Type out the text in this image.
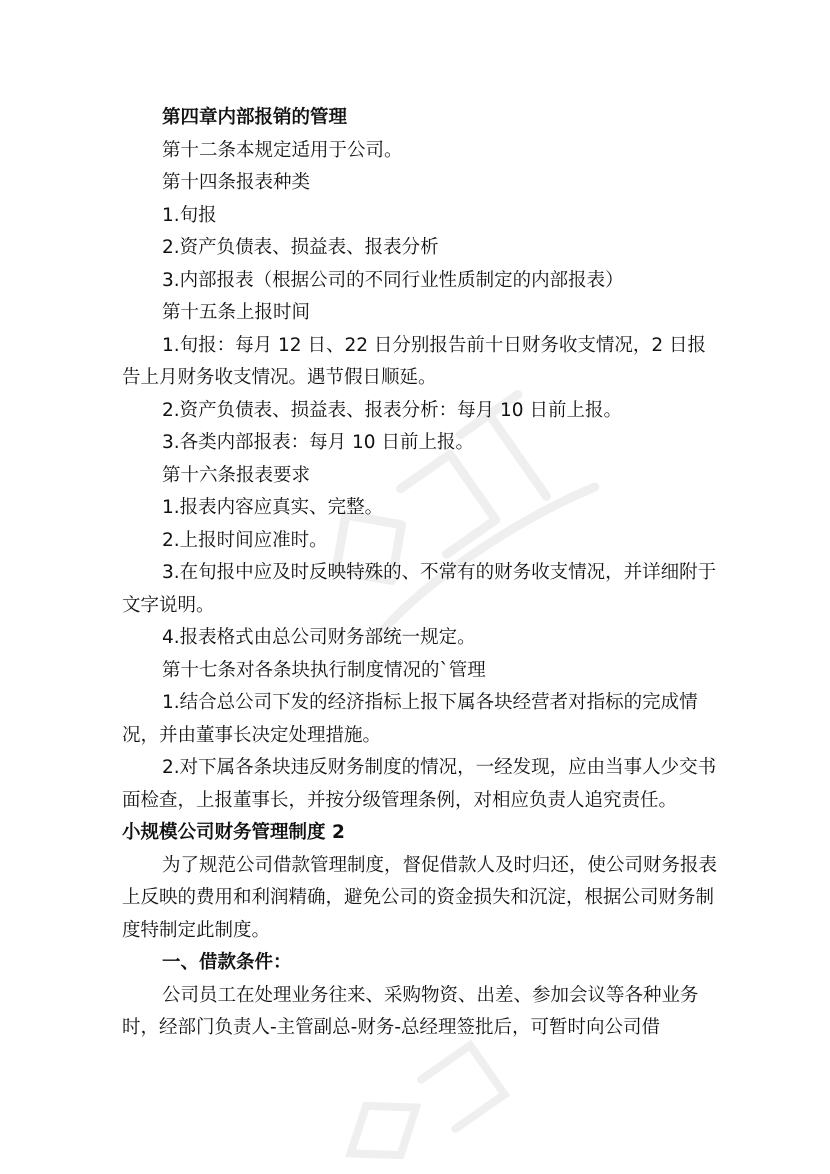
第四章内部报销的管理

第十二条本规定适用于公司。

第十四条报表种类

1.旬报

2.资产负债表、损益表、报表分析

3.内部报表（根据公司的不同行业性质制定的内部报表）

第十五条上报时间

1.旬报：每月 12 日、22 日分别报告前十日财务收支情况，2 日报告上月财务收支情况。遇节假日顺延。

2.资产负债表、损益表、报表分析：每月 10 日前上报。

3.各类内部报表：每月 10 日前上报。

第十六条报表要求

1.报表内容应真实、完整。

2.上报时间应准时。

3.在旬报中应及时反映特殊的、不常有的财务收支情况，并详细附于文字说明。

4.报表格式由总公司财务部统一规定。

第十七条对各条块执行制度情况的`管理

1.结合总公司下发的经济指标上报下属各块经营者对指标的完成情况，并由董事长决定处理措施。

2.对下属各条块违反财务制度的情况，一经发现，应由当事人少交书面检查，上报董事长，并按分级管理条例，对相应负责人追究责任。

小规模公司财务管理制度 2

为了规范公司借款管理制度，督促借款人及时归还，使公司财务报表上反映的费用和利润精确，避免公司的资金损失和沉淀，根据公司财务制度特制定此制度。

一、借款条件：

公司员工在处理业务往来、采购物资、出差、参加会议等各种业务时，经部门负责人-主管副总-财务-总经理签批后，可暂时向公司借
